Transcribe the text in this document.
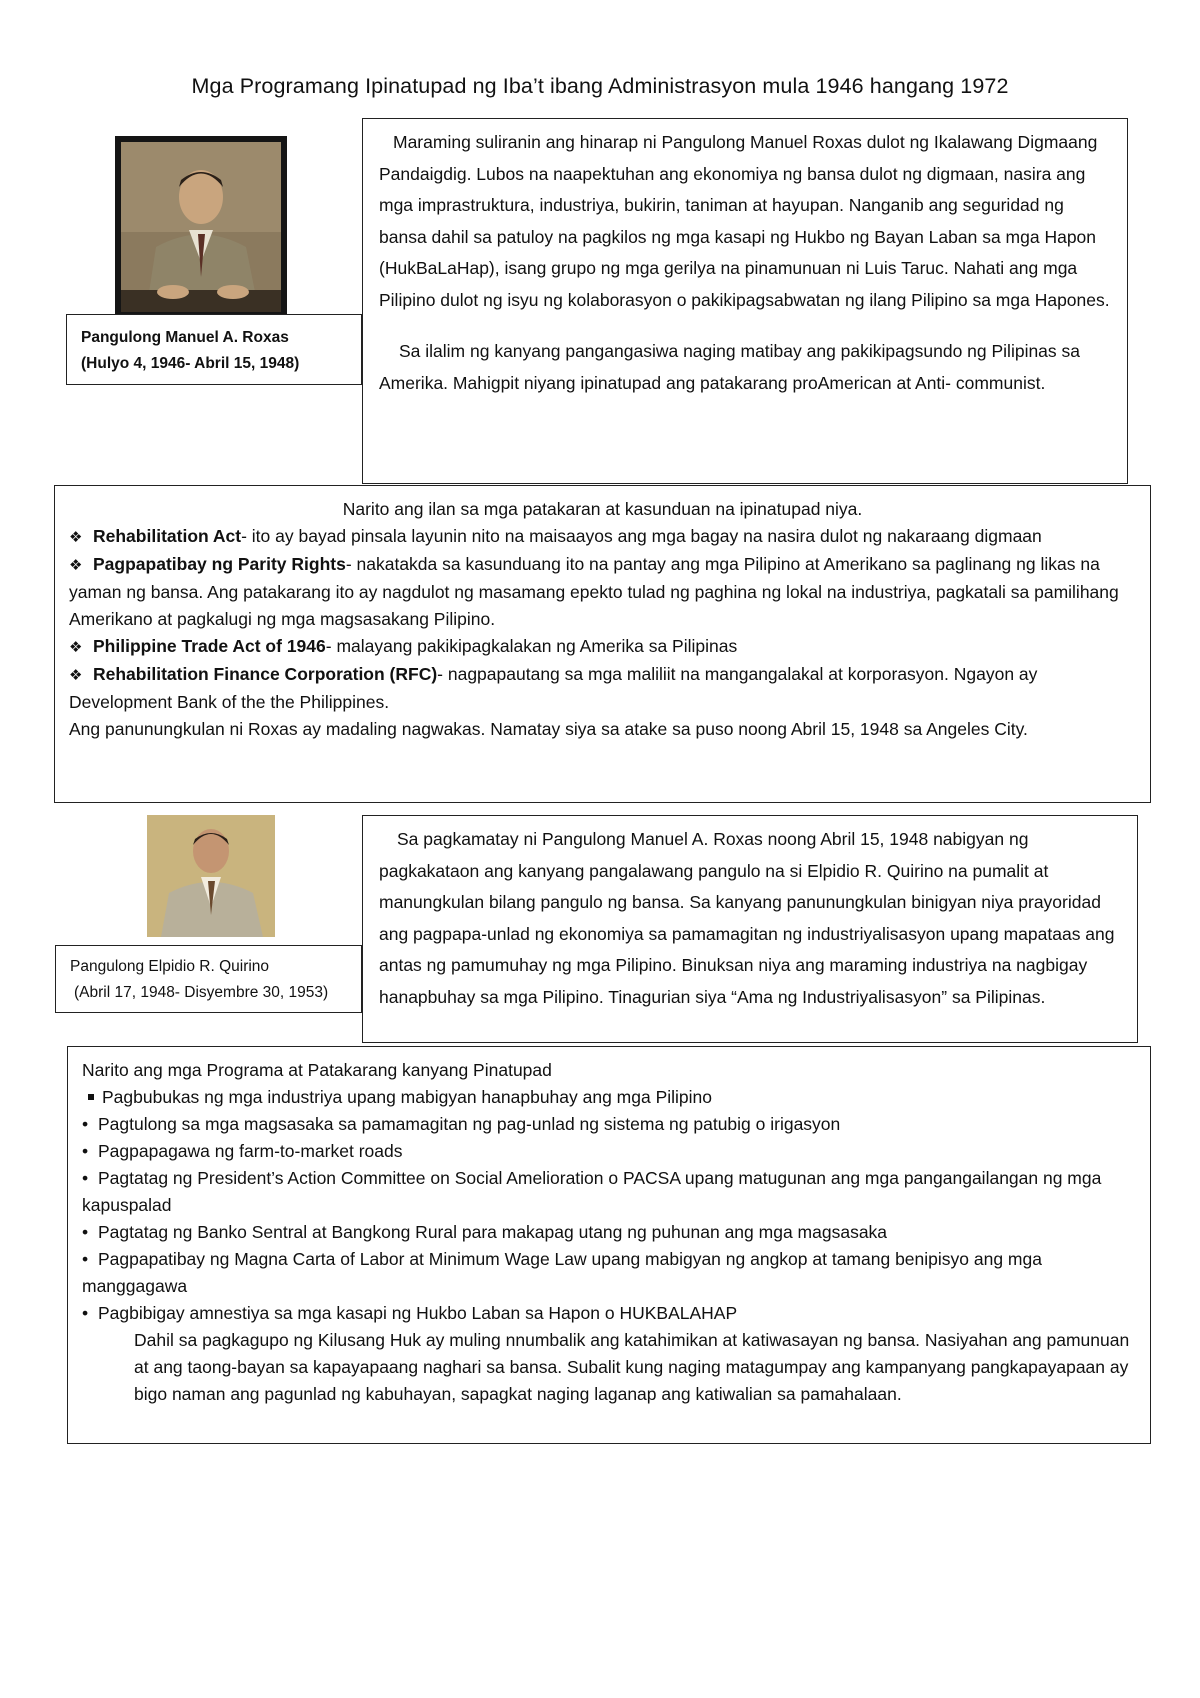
Mga Programang Ipinatupad ng Iba’t ibang Administrasyon mula 1946 hangang 1972
Pangulong Manuel A. Roxas
(Hulyo 4, 1946- Abril 15, 1948)

Maraming suliranin ang hinarap ni Pangulong Manuel Roxas dulot ng Ikalawang Digmaang Pandaigdig. Lubos na naapektuhan ang ekonomiya ng bansa dulot ng digmaan, nasira ang mga imprastruktura, industriya, bukirin, taniman at hayupan. Nanganib ang seguridad ng bansa dahil sa patuloy na pagkilos ng mga kasapi ng Hukbo ng Bayan Laban sa mga Hapon (HukBaLaHap), isang grupo ng mga gerilya na pinamunuan ni Luis Taruc. Nahati ang mga Pilipino dulot ng isyu ng kolaborasyon o pakikipagsabwatan ng ilang Pilipino sa mga Hapones.

Sa ilalim ng kanyang pangangasiwa naging matibay ang pakikipagsundo ng Pilipinas sa Amerika. Mahigpit niyang ipinatupad ang patakarang proAmerican at Anti- communist.

Narito ang ilan sa mga patakaran at kasunduan na ipinatupad niya.

❖ Rehabilitation Act- ito ay bayad pinsala layunin nito na maisaayos ang mga bagay na nasira dulot ng nakaraang digmaan

❖ Pagpapatibay ng Parity Rights- nakatakda sa kasunduang ito na pantay ang mga Pilipino at Amerikano sa paglinang ng likas na yaman ng bansa. Ang patakarang ito ay nagdulot ng masamang epekto tulad ng paghina ng lokal na industriya, pagkatali sa pamilihang Amerikano at pagkalugi ng mga magsasakang Pilipino.

❖ Philippine Trade Act of 1946- malayang pakikipagkalakan ng Amerika sa Pilipinas

❖ Rehabilitation Finance Corporation (RFC)- nagpapautang sa mga maliliit na mangangalakal at korporasyon. Ngayon ay Development Bank of the the Philippines.

Ang panunungkulan ni Roxas ay madaling nagwakas. Namatay siya sa atake sa puso noong Abril 15, 1948 sa Angeles City.

Pangulong Elpidio R. Quirino
(Abril 17, 1948- Disyembre 30, 1953)

Sa pagkamatay ni Pangulong Manuel A. Roxas noong Abril 15, 1948 nabigyan ng pagkakataon ang kanyang pangalawang pangulo na si Elpidio R. Quirino na pumalit at manungkulan bilang pangulo ng bansa. Sa kanyang panunungkulan binigyan niya prayoridad ang pagpapa-unlad ng ekonomiya sa pamamagitan ng industriyalisasyon upang mapataas ang antas ng pamumuhay ng mga Pilipino. Binuksan niya ang maraming industriya na nagbigay hanapbuhay sa mga Pilipino. Tinagurian siya “Ama ng Industriyalisasyon” sa Pilipinas.

Narito ang mga Programa at Patakarang kanyang Pinatupad

Pagbubukas ng mga industriya upang mabigyan hanapbuhay ang mga Pilipino

• Pagtulong sa mga magsasaka sa pamamagitan ng pag-unlad ng sistema ng patubig o irigasyon

• Pagpapagawa ng farm-to-market roads

• Pagtatag ng President’s Action Committee on Social Amelioration o PACSA upang matugunan ang mga pangangailangan ng mga kapuspalad

• Pagtatag ng Banko Sentral at Bangkong Rural para makapag utang ng puhunan ang mga magsasaka

• Pagpapatibay ng Magna Carta of Labor at Minimum Wage Law upang mabigyan ng angkop at tamang benipisyo ang mga manggagawa

• Pagbibigay amnestiya sa mga kasapi ng Hukbo Laban sa Hapon o HUKBALAHAP

Dahil sa pagkagupo ng Kilusang Huk ay muling nnumbalik ang katahimikan at katiwasayan ng bansa. Nasiyahan ang pamunuan at ang taong-bayan sa kapayapaang naghari sa bansa. Subalit kung naging matagumpay ang kampanyang pangkapayapaan ay bigo naman ang pagunlad ng kabuhayan, sapagkat naging laganap ang katiwalian sa pamahalaan.
